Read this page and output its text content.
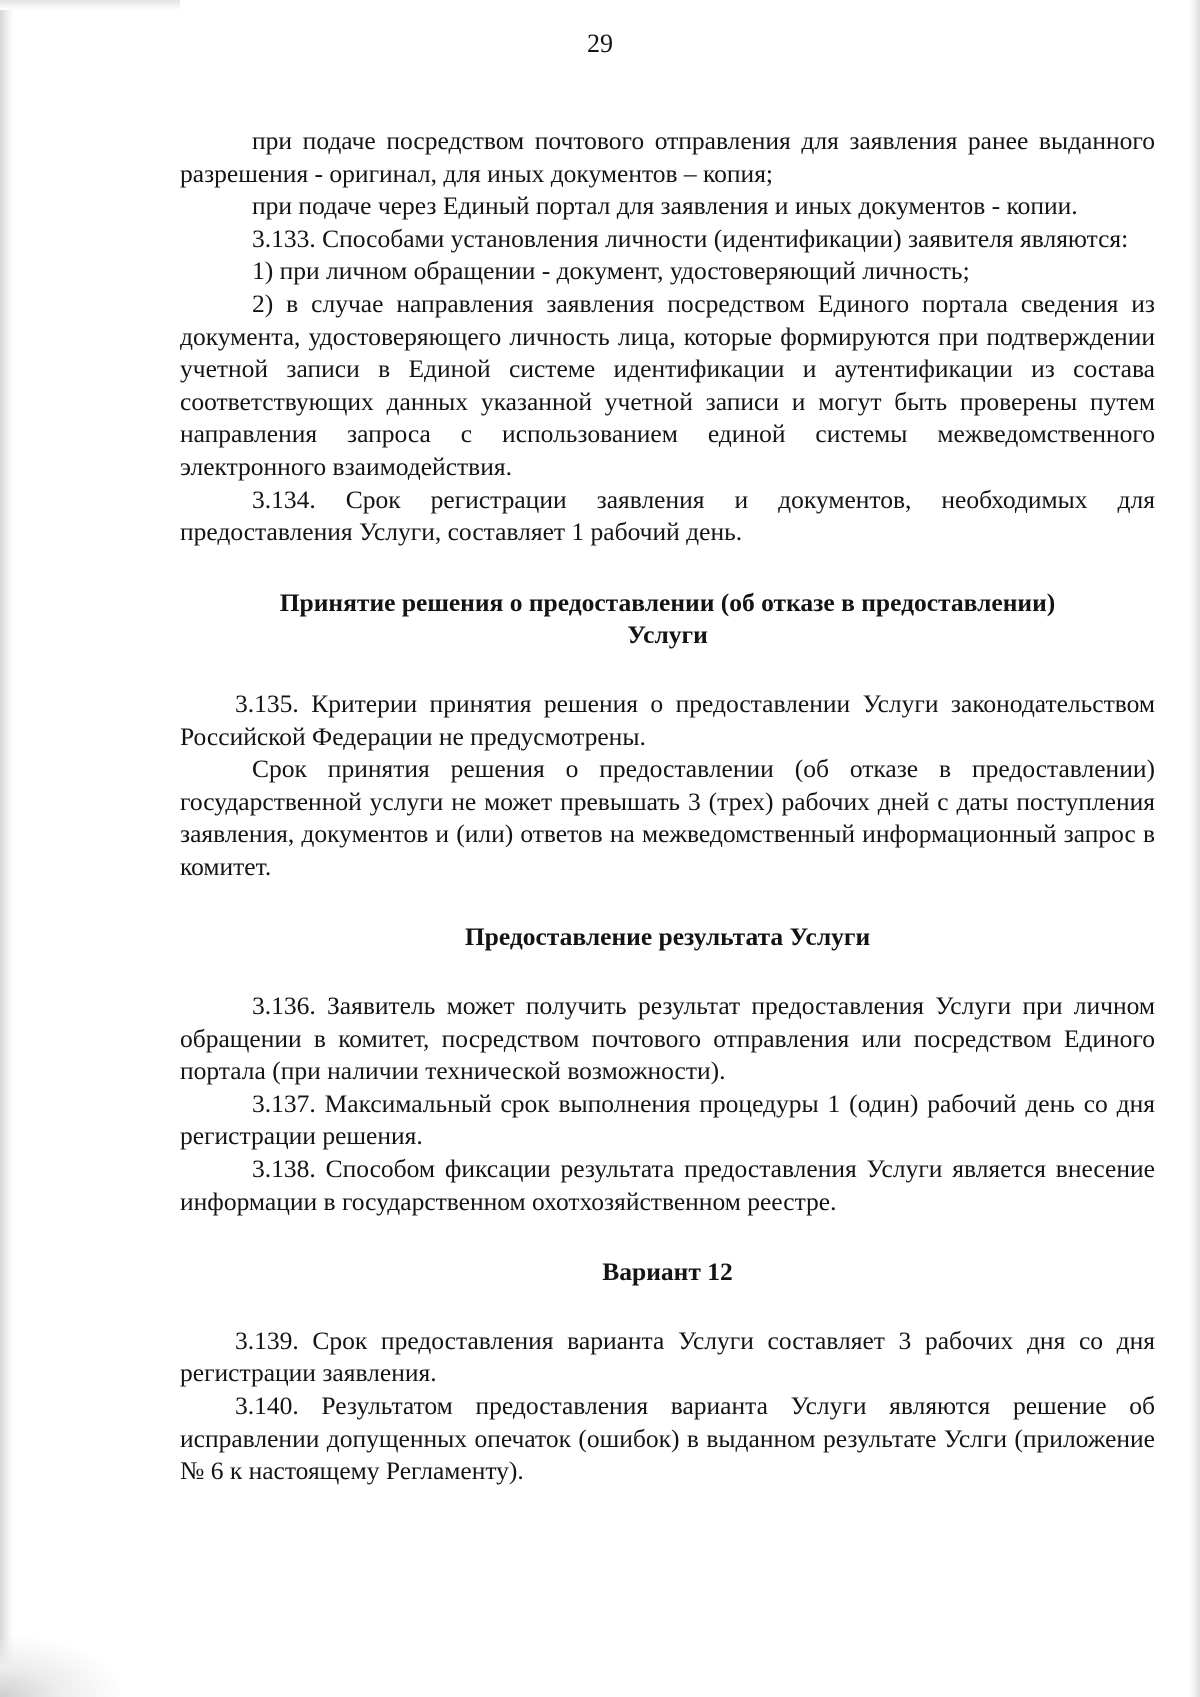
29

при подаче посредством почтового отправления для заявления ранее выданного разрешения - оригинал, для иных документов – копия;

при подаче через Единый портал для заявления и иных документов - копии.

3.133. Способами установления личности (идентификации) заявителя являются:

1) при личном обращении - документ, удостоверяющий личность;

2) в случае направления заявления посредством Единого портала сведения из документа, удостоверяющего личность лица, которые формируются при подтверждении учетной записи в Единой системе идентификации и аутентификации из состава соответствующих данных указанной учетной записи и могут быть проверены путем направления запроса с использованием единой системы межведомственного электронного взаимодействия.

3.134. Срок регистрации заявления и документов, необходимых для предоставления Услуги, составляет 1 рабочий день.

Принятие решения о предоставлении (об отказе в предоставлении) Услуги

3.135. Критерии принятия решения о предоставлении Услуги законодательством Российской Федерации не предусмотрены.

Срок принятия решения о предоставлении (об отказе в предоставлении) государственной услуги не может превышать 3 (трех) рабочих дней с даты поступления заявления, документов и (или) ответов на межведомственный информационный запрос в комитет.

Предоставление результата Услуги

3.136. Заявитель может получить результат предоставления Услуги при личном обращении в комитет, посредством почтового отправления или посредством Единого портала (при наличии технической возможности).

3.137. Максимальный срок выполнения процедуры 1 (один) рабочий день со дня регистрации решения.

3.138. Способом фиксации результата предоставления Услуги является внесение информации в государственном охотхозяйственном реестре.

Вариант 12

3.139. Срок предоставления варианта Услуги составляет 3 рабочих дня со дня регистрации заявления.

3.140. Результатом предоставления варианта Услуги являются решение об исправлении допущенных опечаток (ошибок) в выданном результате Услги (приложение № 6 к настоящему Регламенту).
